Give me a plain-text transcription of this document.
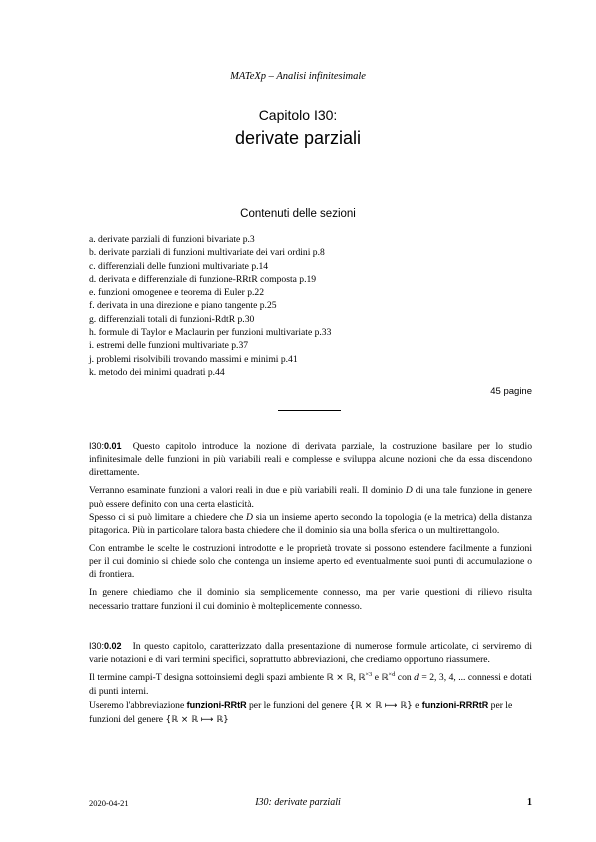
MATeXp – Analisi infinitesimale
Capitolo I30:
derivate parziali
Contenuti delle sezioni
a. derivate parziali di funzioni bivariate p.3
b. derivate parziali di funzioni multivariate dei vari ordini p.8
c. differenziali delle funzioni multivariate p.14
d. derivata e differenziale di funzione-RRtR composta p.19
e. funzioni omogenee e teorema di Euler p.22
f. derivata in una direzione e piano tangente p.25
g. differenziali totali di funzioni-RdtR p.30
h. formule di Taylor e Maclaurin per funzioni multivariate p.33
i. estremi delle funzioni multivariate p.37
j. problemi risolvibili trovando massimi e minimi p.41
k. metodo dei minimi quadrati p.44
45 pagine

I30:0.01 Questo capitolo introduce la nozione di derivata parziale, la costruzione basilare per lo studio infinitesimale delle funzioni in più variabili reali e complesse e sviluppa alcune nozioni che da essa discendono direttamente.

Verranno esaminate funzioni a valori reali in due e più variabili reali. Il dominio D di una tale funzione in genere può essere definito con una certa elasticità.

Spesso ci si può limitare a chiedere che D sia un insieme aperto secondo la topologia (e la metrica) della distanza pitagorica. Più in particolare talora basta chiedere che il dominio sia una bolla sferica o un multirettangolo.

Con entrambe le scelte le costruzioni introdotte e le proprietà trovate si possono estendere facilmente a funzioni per il cui dominio si chiede solo che contenga un insieme aperto ed eventualmente suoi punti di accumulazione o di frontiera.

In genere chiediamo che il dominio sia semplicemente connesso, ma per varie questioni di rilievo risulta necessario trattare funzioni il cui dominio è molteplicemente connesso.

I30:0.02 In questo capitolo, caratterizzato dalla presentazione di numerose formule articolate, ci serviremo di varie notazioni e di vari termini specifici, soprattutto abbreviazioni, che crediamo opportuno riassumere.

Il termine campi-T designa sottoinsiemi degli spazi ambiente ℝ × ℝ, ℝ$^{\times 3}$ e ℝ$^{\times d}$ con d = 2, 3, 4, ... connessi e dotati di punti interni.

Useremo l'abbreviazione funzioni-RRtR per le funzioni del genere {ℝ × ℝ ⟼ ℝ} e funzioni-RRRtR per le funzioni del genere {ℝ × ℝ ⟼ ℝ}

2020-04-21	I30: derivate parziali	1
